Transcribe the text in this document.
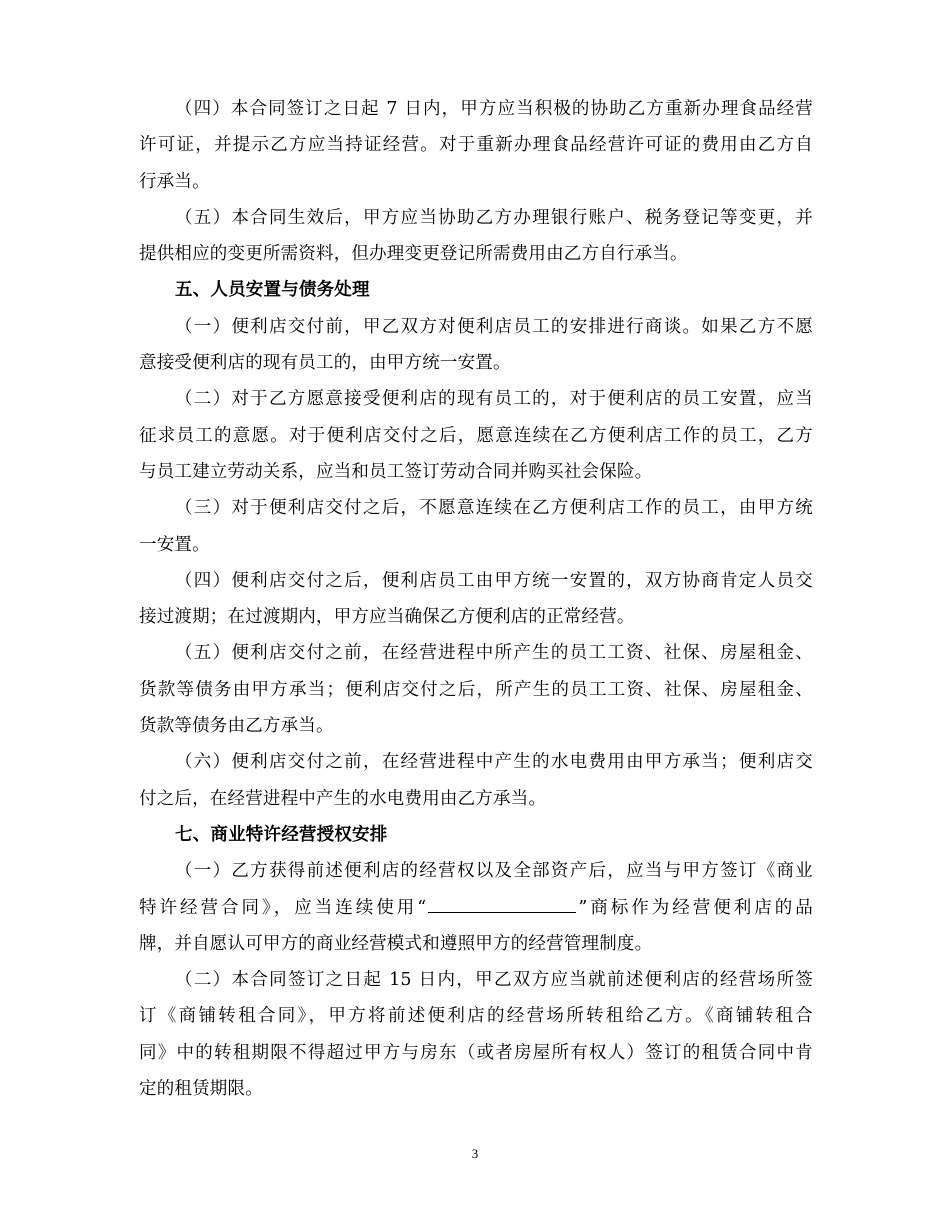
（四）本合同签订之日起 7 日内，甲方应当积极的协助乙方重新办理食品经营
许可证，并提示乙方应当持证经营。对于重新办理食品经营许可证的费用由乙方自
行承当。
（五）本合同生效后，甲方应当协助乙方办理银行账户、税务登记等变更，并
提供相应的变更所需资料，但办理变更登记所需费用由乙方自行承当。
五、人员安置与债务处理
（一）便利店交付前，甲乙双方对便利店员工的安排进行商谈。如果乙方不愿
意接受便利店的现有员工的，由甲方统一安置。
（二）对于乙方愿意接受便利店的现有员工的，对于便利店的员工安置，应当
征求员工的意愿。对于便利店交付之后，愿意连续在乙方便利店工作的员工，乙方
与员工建立劳动关系，应当和员工签订劳动合同并购买社会保险。
（三）对于便利店交付之后，不愿意连续在乙方便利店工作的员工，由甲方统
一安置。
（四）便利店交付之后，便利店员工由甲方统一安置的，双方协商肯定人员交
接过渡期；在过渡期内，甲方应当确保乙方便利店的正常经营。
（五）便利店交付之前，在经营进程中所产生的员工工资、社保、房屋租金、
货款等债务由甲方承当；便利店交付之后，所产生的员工工资、社保、房屋租金、
货款等债务由乙方承当。
（六）便利店交付之前，在经营进程中产生的水电费用由甲方承当；便利店交
付之后，在经营进程中产生的水电费用由乙方承当。
七、商业特许经营授权安排
（一）乙方获得前述便利店的经营权以及全部资产后，应当与甲方签订《商业
特许经营合同》，应当连续使用“	”商标作为经营便利店的品
牌，并自愿认可甲方的商业经营模式和遵照甲方的经营管理制度。
（二）本合同签订之日起 15 日内，甲乙双方应当就前述便利店的经营场所签
订《商铺转租合同》，甲方将前述便利店的经营场所转租给乙方。《商铺转租合
同》中的转租期限不得超过甲方与房东（或者房屋所有权人）签订的租赁合同中肯
定的租赁期限。
3
